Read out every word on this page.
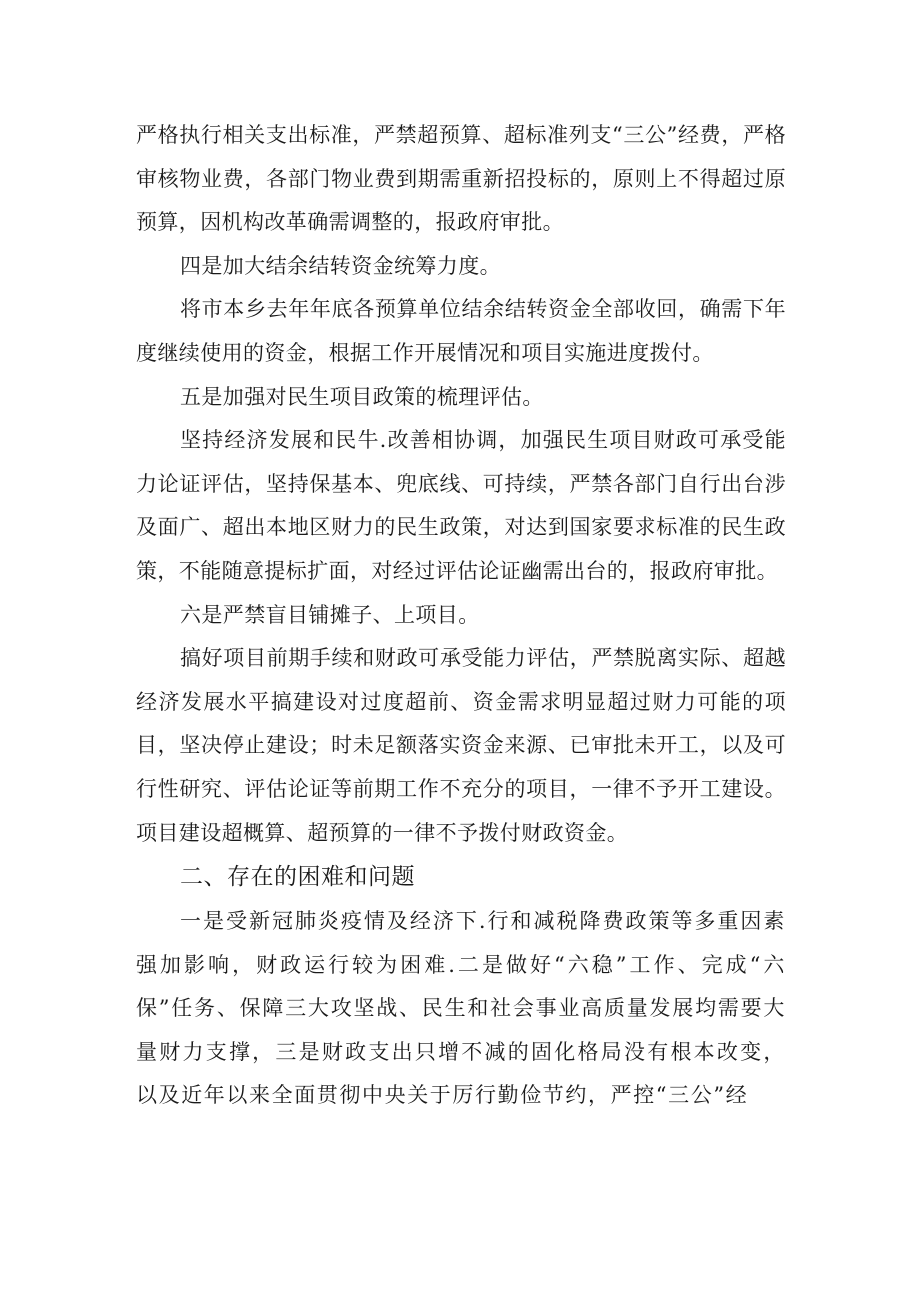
严格执行相关支出标准，严禁超预算、超标准列支“三公”经费，严格审核物业费，各部门物业费到期需重新招投标的，原则上不得超过原预算，因机构改革确需调整的，报政府审批。

四是加大结余结转资金统筹力度。

将市本乡去年年底各预算单位结余结转资金全部收回，确需下年度继续使用的资金，根据工作开展情况和项目实施进度拨付。

五是加强对民生项目政策的梳理评估。

坚持经济发展和民牛.改善相协调，加强民生项目财政可承受能力论证评估，坚持保基本、兜底线、可持续，严禁各部门自行出台涉及面广、超出本地区财力的民生政策，对达到国家要求标准的民生政策，不能随意提标扩面，对经过评估论证幽需出台的，报政府审批。

六是严禁盲目铺摊子、上项目。

搞好项目前期手续和财政可承受能力评估，严禁脱离实际、超越经济发展水平搞建设对过度超前、资金需求明显超过财力可能的项目，坚决停止建设；时未足额落实资金来源、已审批未开工，以及可行性研究、评估论证等前期工作不充分的项目，一律不予开工建设。项目建设超概算、超预算的一律不予拨付财政资金。

二、存在的困难和问题

一是受新冠肺炎疫情及经济下.行和减税降费政策等多重因素强加影响，财政运行较为困难.二是做好“六稳”工作、完成“六保”任务、保障三大攻坚战、民生和社会事业高质量发展均需要大量财力支撑，三是财政支出只增不减的固化格局没有根本改变，以及近年以来全面贯彻中央关于厉行勤俭节约，严控“三公”经
